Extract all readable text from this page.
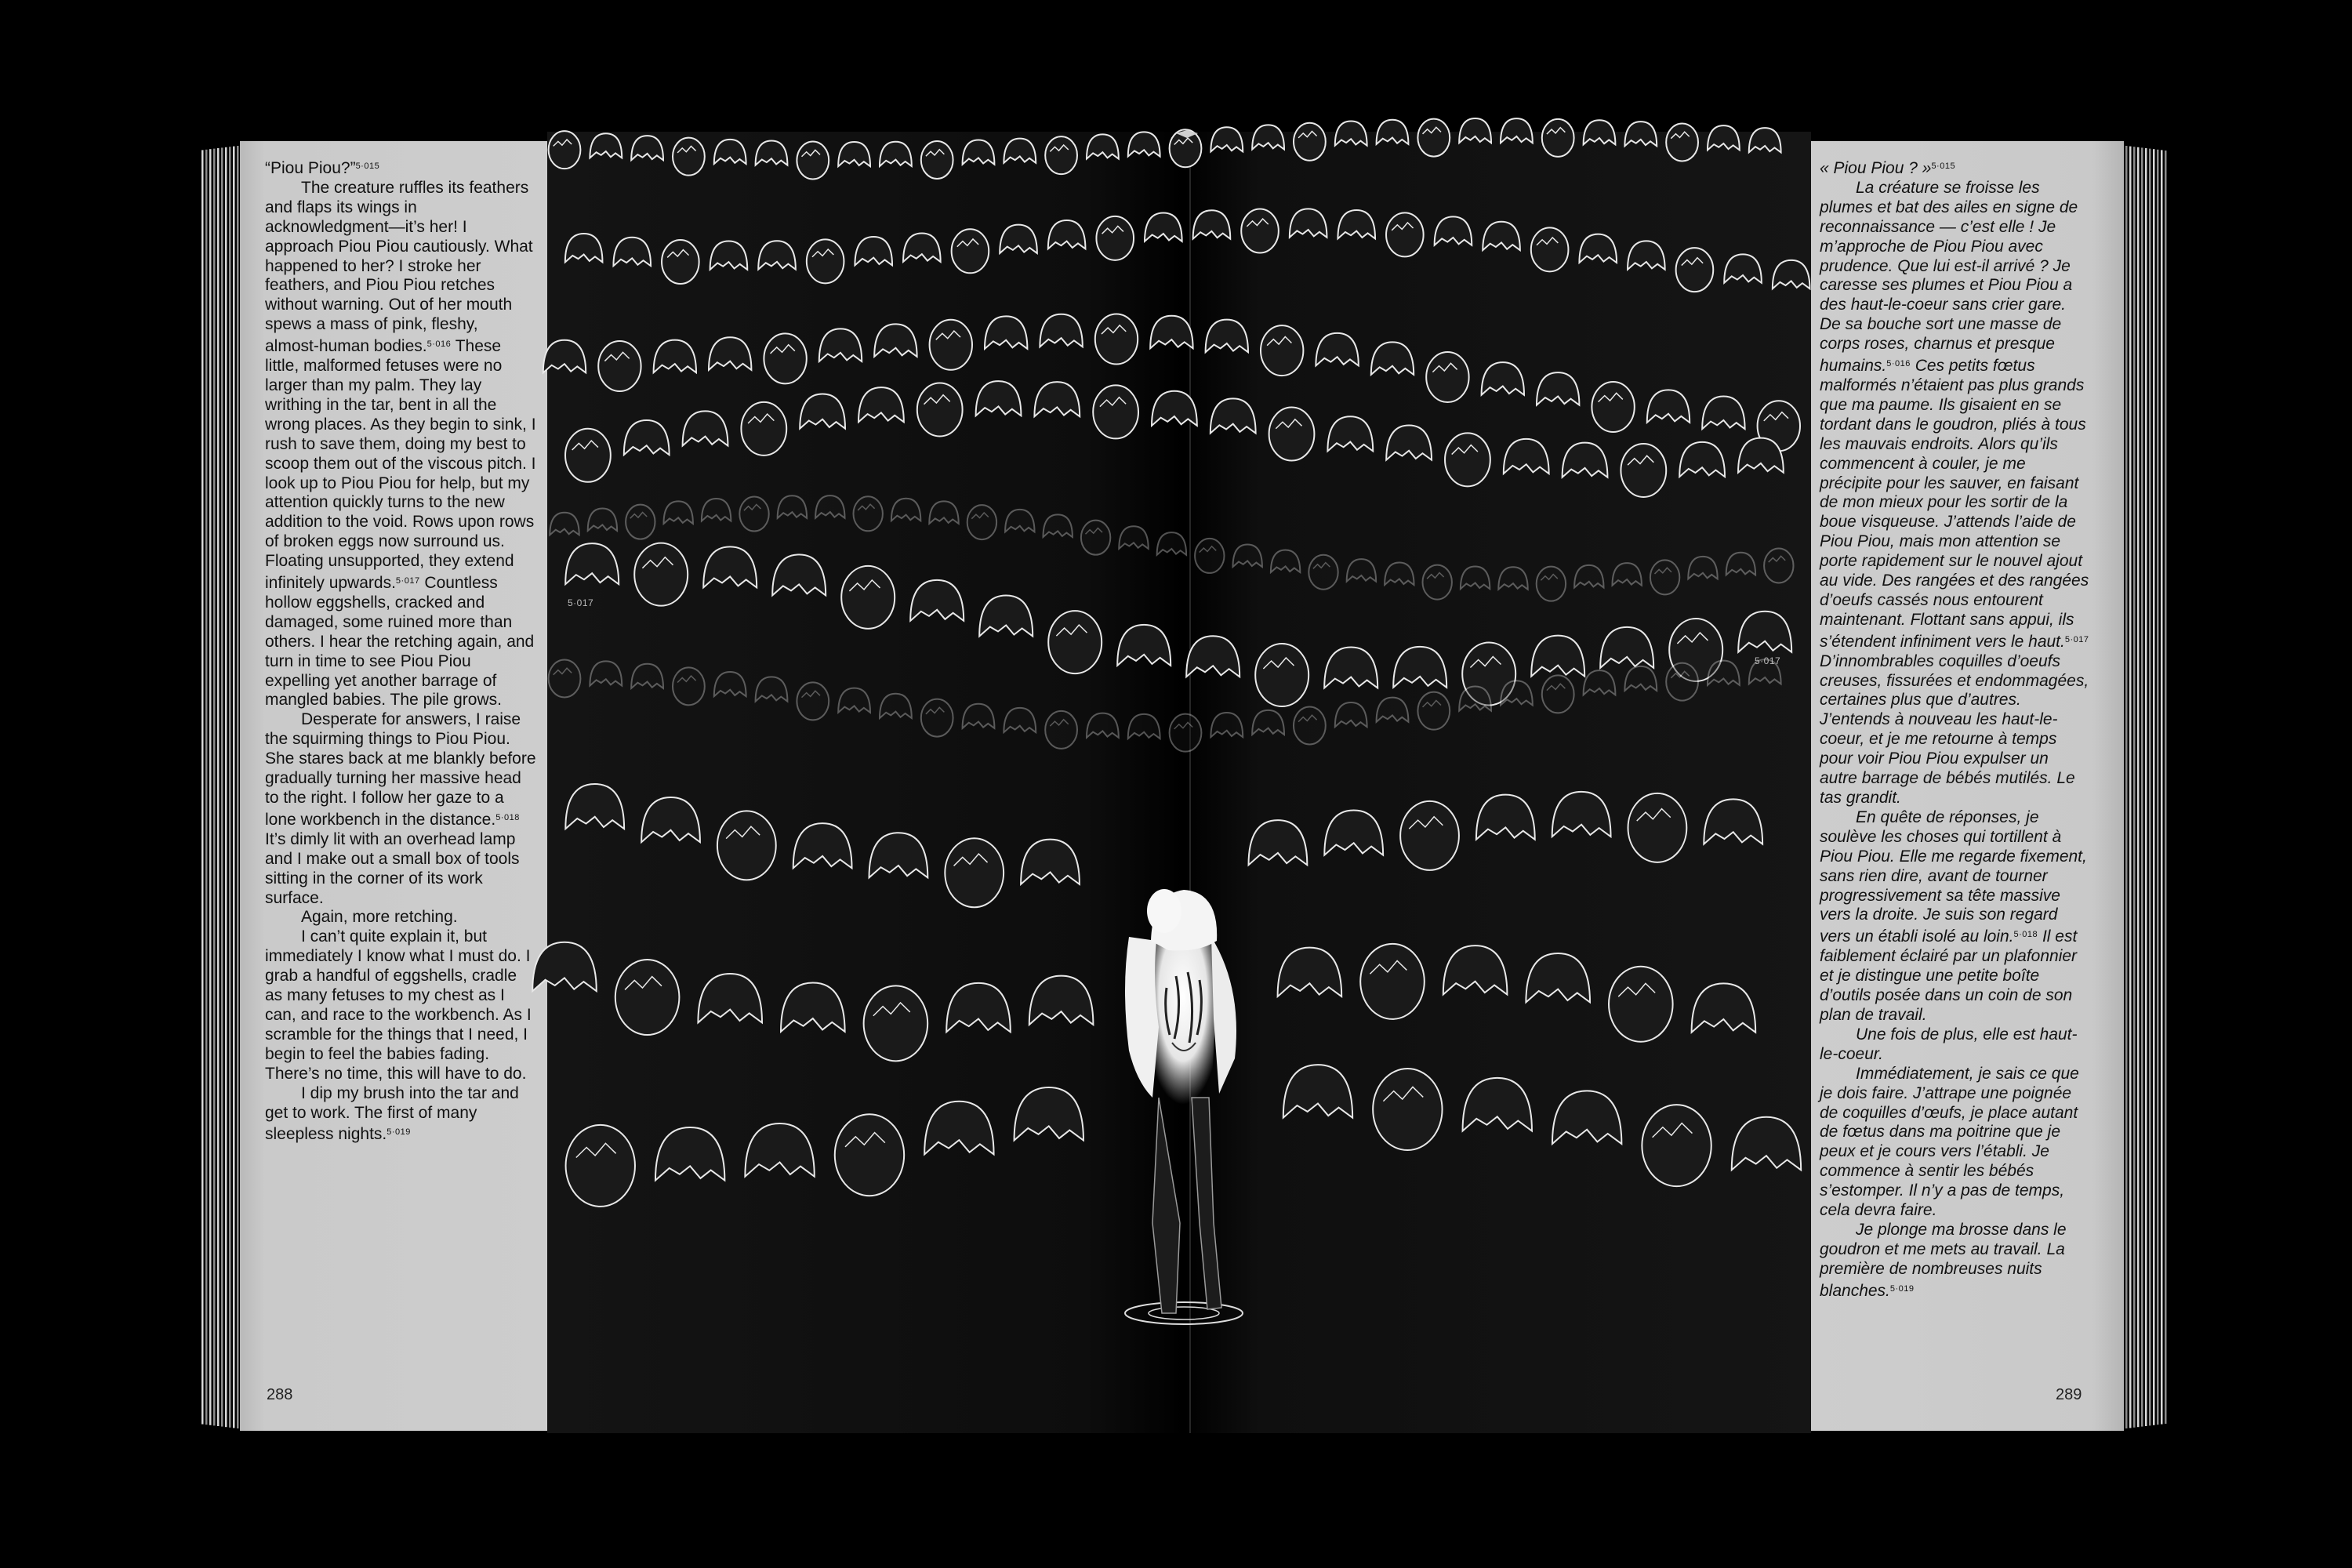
“Piou Piou?”$^{5\cdot 015}$

The creature ruffles its feathers and flaps its wings in acknowledgment—it’s her! I approach Piou Piou cautiously. What happened to her? I stroke her feathers, and Piou Piou retches without warning. Out of her mouth spews a mass of pink, fleshy, almost-human bodies.$^{5\cdot 016}$ These little, malformed fetuses were no larger than my palm. They lay writhing in the tar, bent in all the wrong places. As they begin to sink, I rush to save them, doing my best to scoop them out of the viscous pitch. I look up to Piou Piou for help, but my attention quickly turns to the new addition to the void. Rows upon rows of broken eggs now surround us. Floating unsupported, they extend infinitely upwards.$^{5\cdot 017}$ Countless hollow eggshells, cracked and damaged, some ruined more than others. I hear the retching again, and turn in time to see Piou Piou expelling yet another barrage of mangled babies. The pile grows.

Desperate for answers, I raise the squirming things to Piou Piou. She stares back at me blankly before gradually turning her massive head to the right. I follow her gaze to a lone workbench in the distance.$^{5\cdot 018}$ It’s dimly lit with an overhead lamp and I make out a small box of tools sitting in the corner of its work surface.

Again, more retching.

I can’t quite explain it, but immediately I know what I must do. I grab a handful of eggshells, cradle as many fetuses to my chest as I can, and race to the workbench. As I scramble for the things that I need, I begin to feel the babies fading. There’s no time, this will have to do.

I dip my brush into the tar and get to work. The first of many sleepless nights.$^{5\cdot 019}$

« Piou Piou ? »$^{5\cdot 015}$

La créature se froisse les plumes et bat des ailes en signe de reconnaissance — c’est elle ! Je m’approche de Piou Piou avec prudence. Que lui est-il arrivé ? Je caresse ses plumes et Piou Piou a des haut-le-coeur sans crier gare. De sa bouche sort une masse de corps roses, charnus et presque humains.$^{5\cdot 016}$ Ces petits fœtus malformés n’étaient pas plus grands que ma paume. Ils gisaient en se tordant dans le goudron, pliés à tous les mauvais endroits. Alors qu’ils commencent à couler, je me précipite pour les sauver, en faisant de mon mieux pour les sortir de la boue visqueuse. J’attends l’aide de Piou Piou, mais mon attention se porte rapidement sur le nouvel ajout au vide. Des rangées et des rangées d’oeufs cassés nous entourent maintenant. Flottant sans appui, ils s’étendent infiniment vers le haut.$^{5\cdot 017}$ D’innombrables coquilles d’oeufs creuses, fissurées et endommagées, certaines plus que d’autres. J’entends à nouveau les haut-le-coeur, et je me retourne à temps pour voir Piou Piou expulser un autre barrage de bébés mutilés. Le tas grandit.

En quête de réponses, je soulève les choses qui tortillent à Piou Piou. Elle me regarde fixement, sans rien dire, avant de tourner progressivement sa tête massive vers la droite. Je suis son regard vers un établi isolé au loin.$^{5\cdot 018}$ Il est faiblement éclairé par un plafonnier et je distingue une petite boîte d’outils posée dans un coin de son plan de travail.

Une fois de plus, elle est haut-le-coeur.

Immédiatement, je sais ce que je dois faire. J’attrape une poignée de coquilles d’œufs, je place autant de fœtus dans ma poitrine que je peux et je cours vers l’établi. Je commence à sentir les bébés s’estomper. Il n’y a pas de temps, cela devra faire.

Je plonge ma brosse dans le goudron et me mets au travail. La première de nombreuses nuits blanches.$^{5\cdot 019}$

288	289
5·017
5·017
